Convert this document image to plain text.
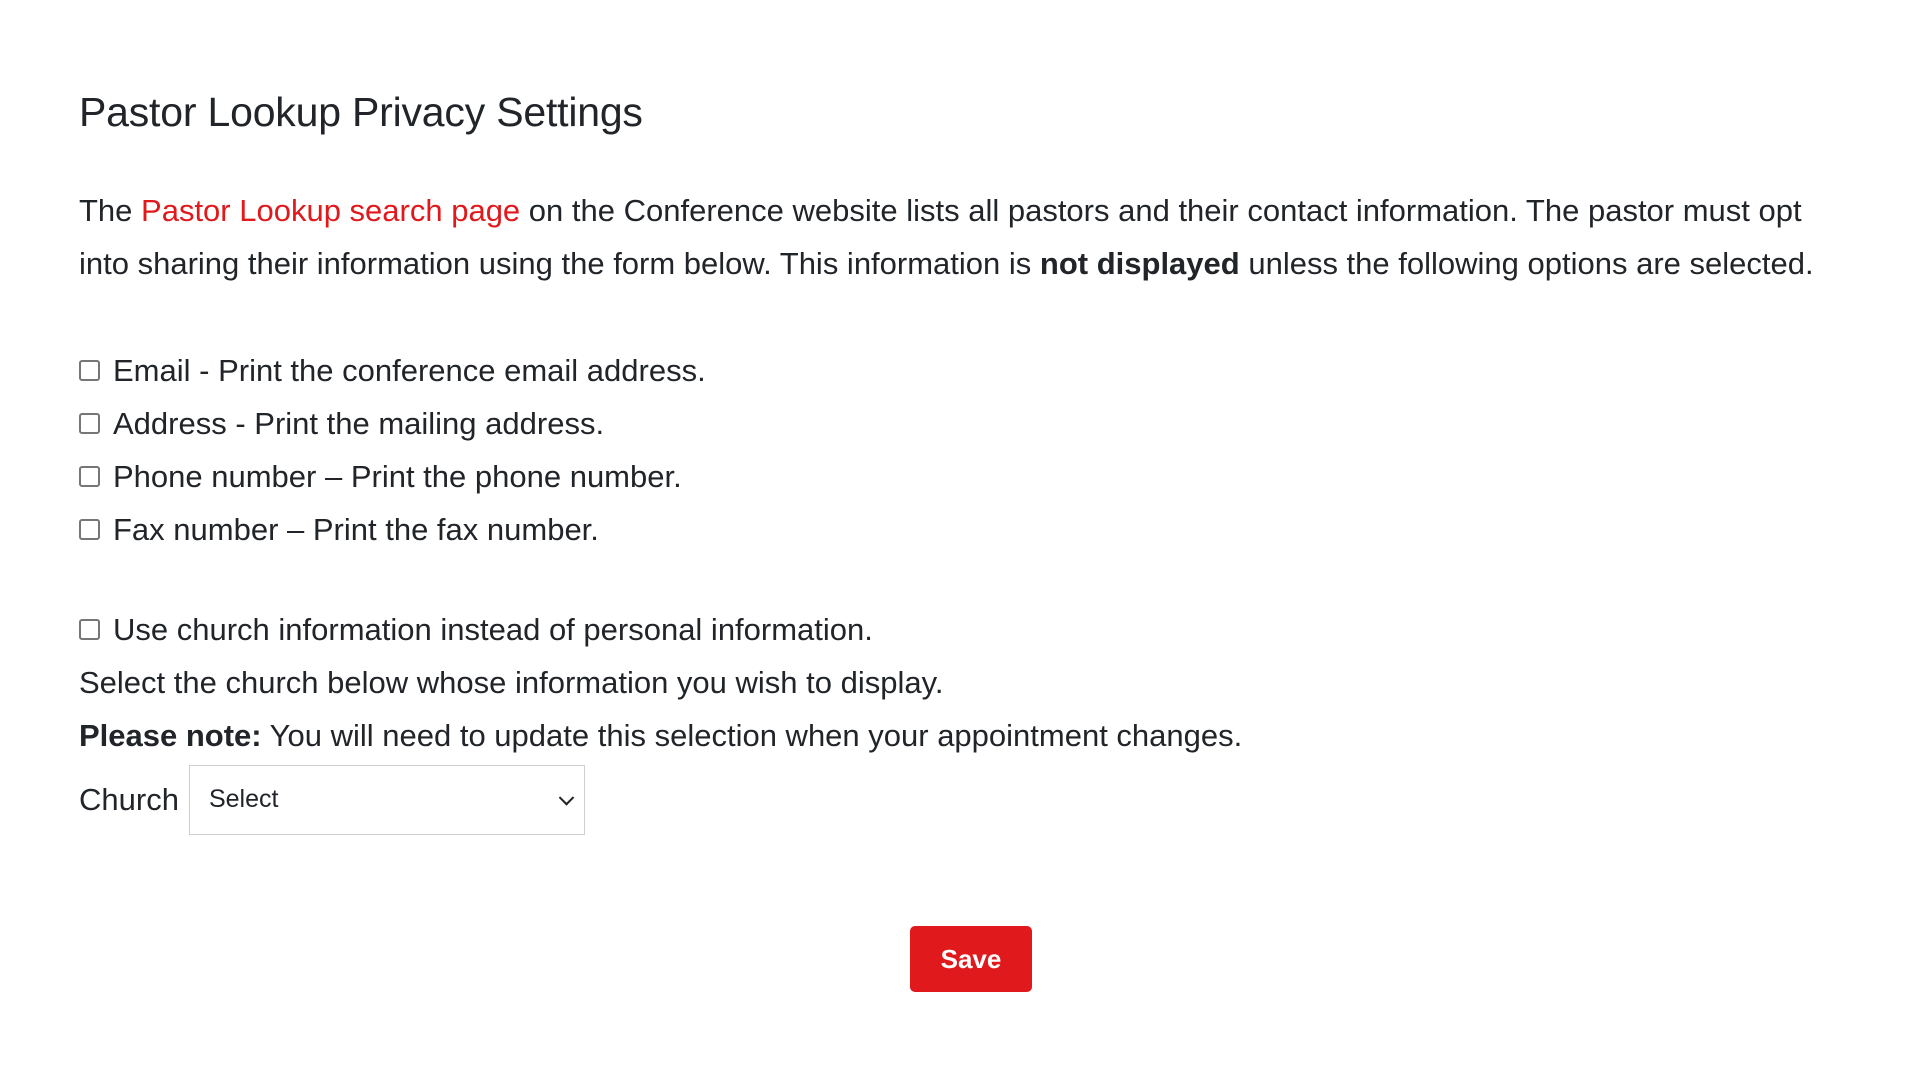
Pastor Lookup Privacy Settings

The Pastor Lookup search page on the Conference website lists all pastors and their contact information. The pastor must opt into sharing their information using the form below. This information is not displayed unless the following options are selected.

Email - Print the conference email address.
Address - Print the mailing address.
Phone number – Print the phone number.
Fax number – Print the fax number.
Use church information instead of personal information.
Select the church below whose information you wish to display.
Please note: You will need to update this selection when your appointment changes.
Church Select
Save
